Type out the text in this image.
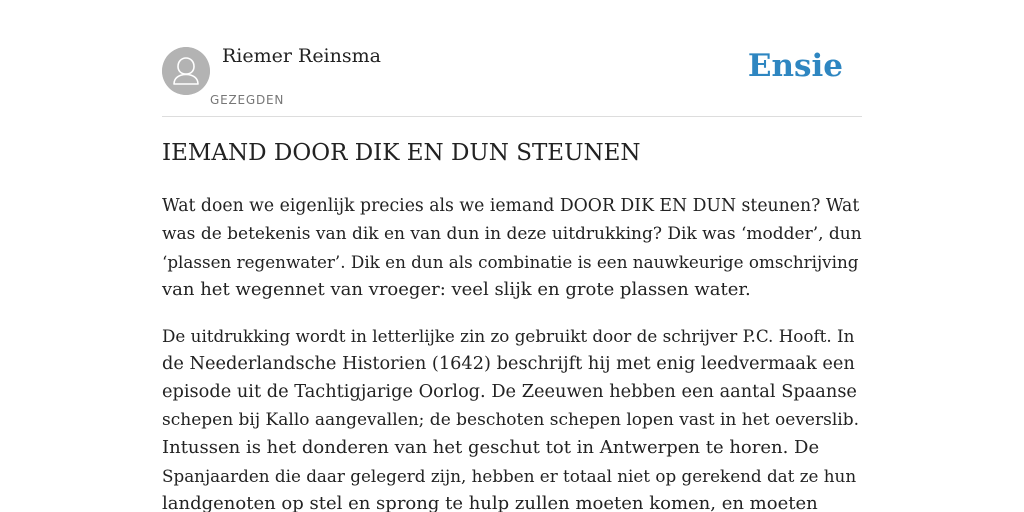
Riemer Reinsma
GEZEGDEN
Ensie
IEMAND DOOR DIK EN DUN STEUNEN

Wat doen we eigenlijk precies als we iemand DOOR DIK EN DUN steunen? Wat
was de betekenis van dik en van dun in deze uitdrukking? Dik was ‘modder’, dun
‘plassen regenwater’. Dik en dun als combinatie is een nauwkeurige omschrijving
van het wegennet van vroeger: veel slijk en grote plassen water.

De uitdrukking wordt in letterlijke zin zo gebruikt door de schrijver P.C. Hooft. In
de Neederlandsche Historien (1642) beschrijft hij met enig leedvermaak een
episode uit de Tachtigjarige Oorlog. De Zeeuwen hebben een aantal Spaanse
schepen bij Kallo aangevallen; de beschoten schepen lopen vast in het oeverslib.
Intussen is het donderen van het geschut tot in Antwerpen te horen. De
Spanjaarden die daar gelegerd zijn, hebben er totaal niet op gerekend dat ze hun
landgenoten op stel en sprong te hulp zullen moeten komen, en moeten
